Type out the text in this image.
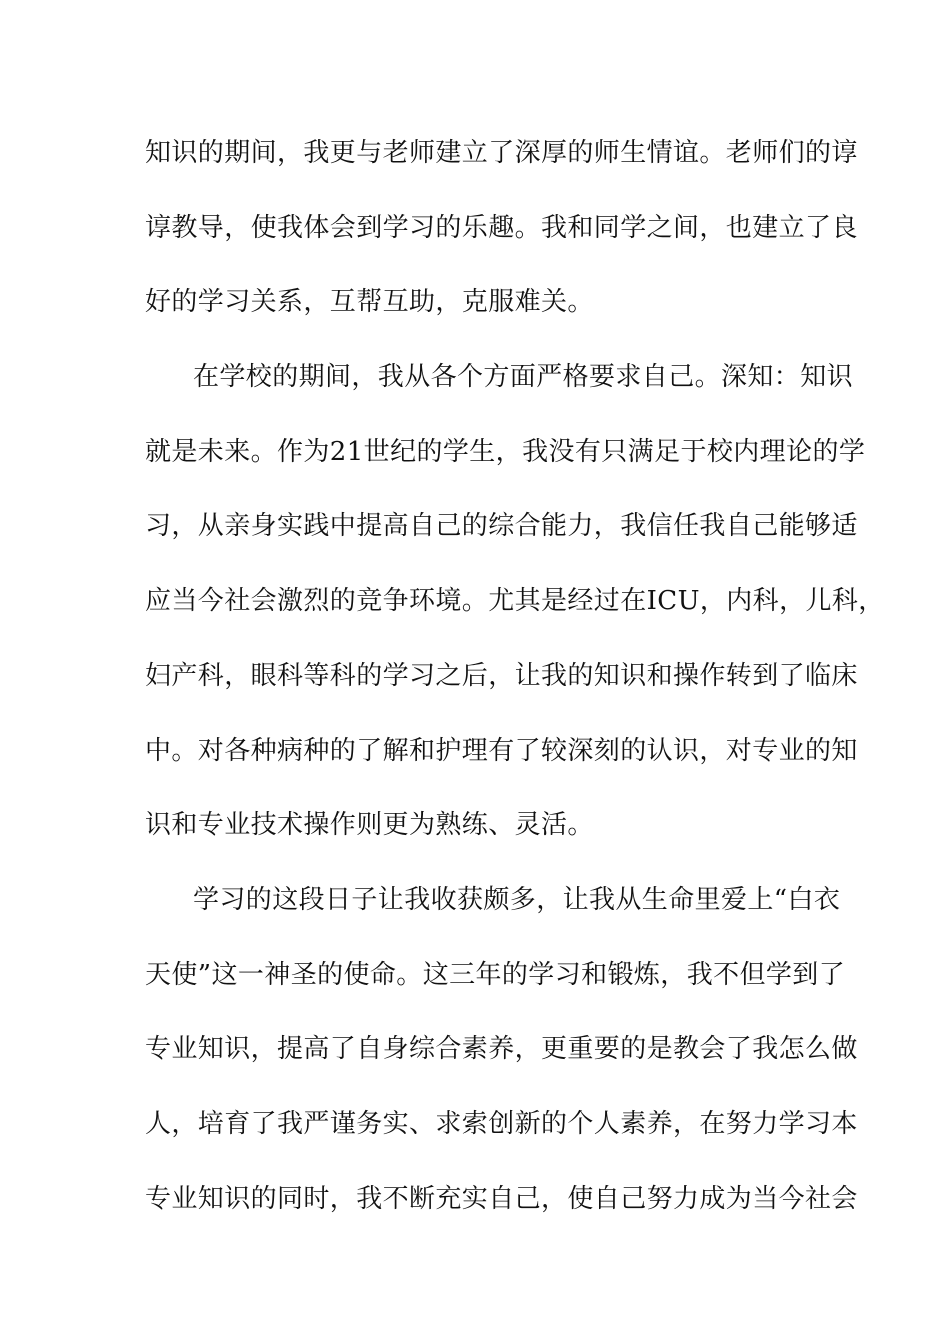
知识的期间，我更与老师建立了深厚的师生情谊。老师们的谆
谆教导，使我体会到学习的乐趣。我和同学之间，也建立了良
好的学习关系，互帮互助，克服难关。
在学校的期间，我从各个方面严格要求自己。深知：知识
就是未来。作为21世纪的学生，我没有只满足于校内理论的学
习，从亲身实践中提高自己的综合能力，我信任我自己能够适
应当今社会激烈的竞争环境。尤其是经过在ICU，内科，儿科，
妇产科，眼科等科的学习之后，让我的知识和操作转到了临床
中。对各种病种的了解和护理有了较深刻的认识，对专业的知
识和专业技术操作则更为熟练、灵活。
学习的这段日子让我收获颇多，让我从生命里爱上“白衣
天使”这一神圣的使命。这三年的学习和锻炼，我不但学到了
专业知识，提高了自身综合素养，更重要的是教会了我怎么做
人，培育了我严谨务实、求索创新的个人素养，在努力学习本
专业知识的同时，我不断充实自己，使自己努力成为当今社会
